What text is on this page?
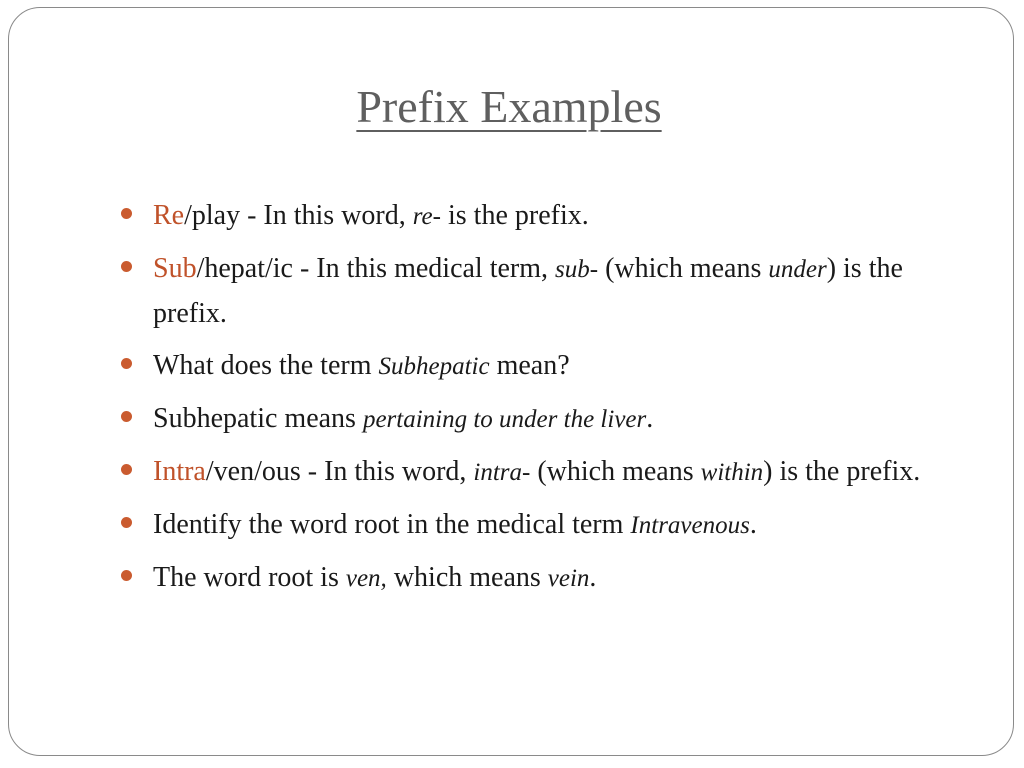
Prefix Examples
Re/play - In this word, re- is the prefix.
Sub/hepat/ic - In this medical term, sub- (which means under) is the prefix.
What does the term Subhepatic mean?
Subhepatic means pertaining to under the liver.
Intra/ven/ous - In this word, intra- (which means within) is the prefix.
Identify the word root in the medical term Intravenous.
The word root is ven, which means vein.
